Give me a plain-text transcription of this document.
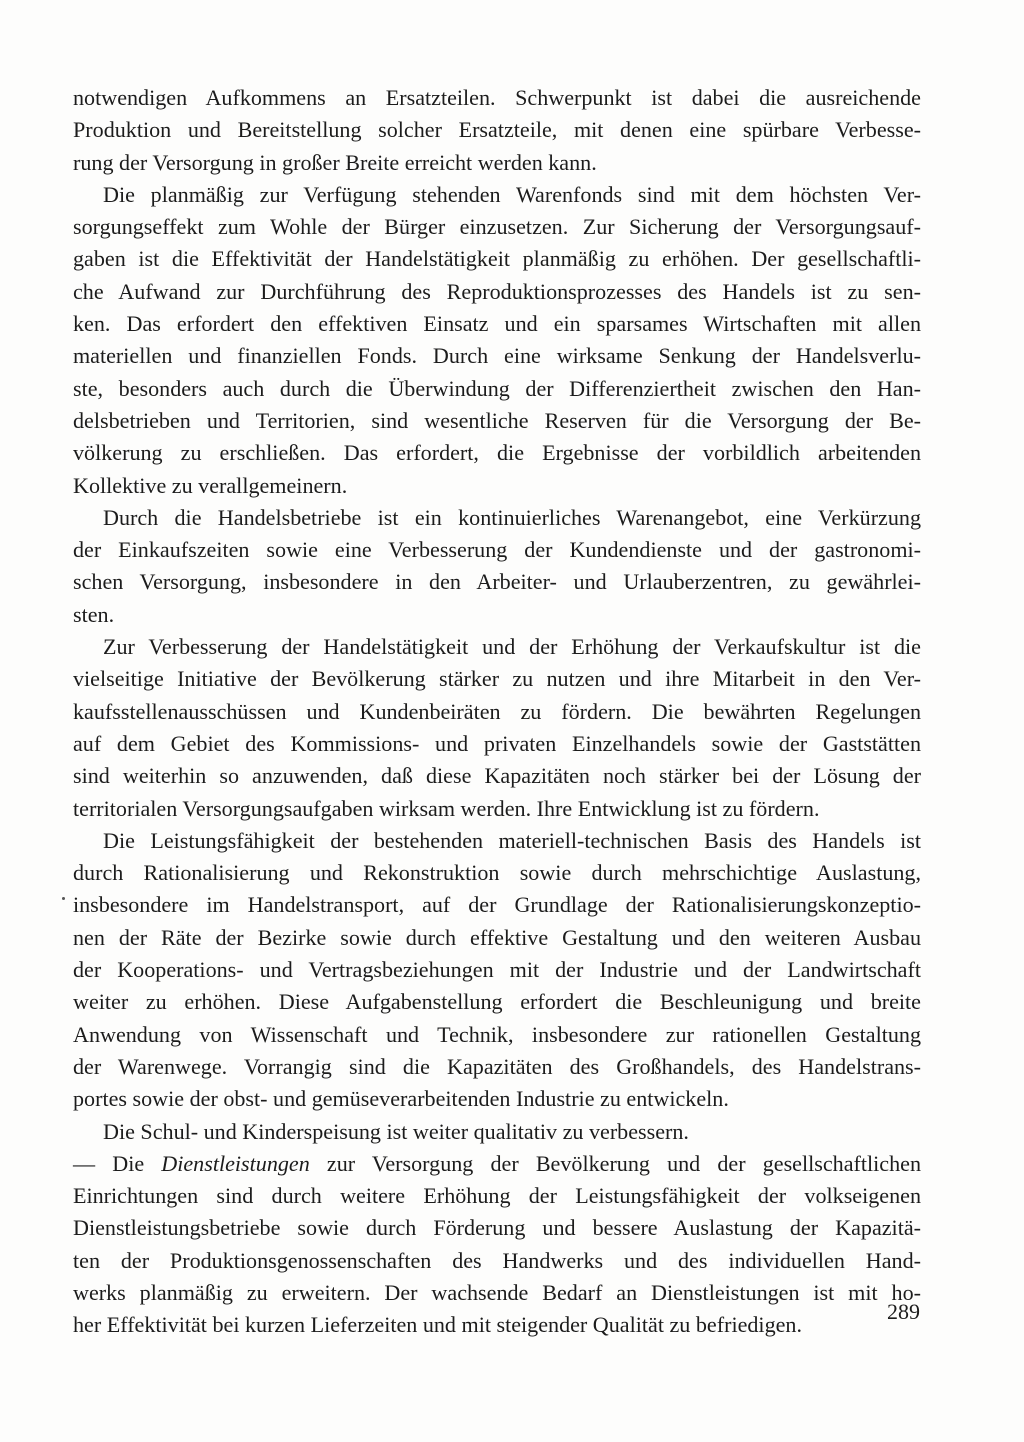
notwendigen Aufkommens an Ersatzteilen. Schwerpunkt ist dabei die ausreichende
Produktion und Bereitstellung solcher Ersatzteile, mit denen eine spürbare Verbesse-
rung der Versorgung in großer Breite erreicht werden kann.
Die planmäßig zur Verfügung stehenden Warenfonds sind mit dem höchsten Ver-
sorgungseffekt zum Wohle der Bürger einzusetzen. Zur Sicherung der Versorgungsauf-
gaben ist die Effektivität der Handelstätigkeit planmäßig zu erhöhen. Der gesellschaftli-
che Aufwand zur Durchführung des Reproduktionsprozesses des Handels ist zu sen-
ken. Das erfordert den effektiven Einsatz und ein sparsames Wirtschaften mit allen
materiellen und finanziellen Fonds. Durch eine wirksame Senkung der Handelsverlu-
ste, besonders auch durch die Überwindung der Differenziertheit zwischen den Han-
delsbetrieben und Territorien, sind wesentliche Reserven für die Versorgung der Be-
völkerung zu erschließen. Das erfordert, die Ergebnisse der vorbildlich arbeitenden
Kollektive zu verallgemeinern.
Durch die Handelsbetriebe ist ein kontinuierliches Warenangebot, eine Verkürzung
der Einkaufszeiten sowie eine Verbesserung der Kundendienste und der gastronomi-
schen Versorgung, insbesondere in den Arbeiter- und Urlauberzentren, zu gewährlei-
sten.
Zur Verbesserung der Handelstätigkeit und der Erhöhung der Verkaufskultur ist die
vielseitige Initiative der Bevölkerung stärker zu nutzen und ihre Mitarbeit in den Ver-
kaufsstellenausschüssen und Kundenbeiräten zu fördern. Die bewährten Regelungen
auf dem Gebiet des Kommissions- und privaten Einzelhandels sowie der Gaststätten
sind weiterhin so anzuwenden, daß diese Kapazitäten noch stärker bei der Lösung der
territorialen Versorgungsaufgaben wirksam werden. Ihre Entwicklung ist zu fördern.
Die Leistungsfähigkeit der bestehenden materiell-technischen Basis des Handels ist
durch Rationalisierung und Rekonstruktion sowie durch mehrschichtige Auslastung,
insbesondere im Handelstransport, auf der Grundlage der Rationalisierungskonzeptio-
nen der Räte der Bezirke sowie durch effektive Gestaltung und den weiteren Ausbau
der Kooperations- und Vertragsbeziehungen mit der Industrie und der Landwirtschaft
weiter zu erhöhen. Diese Aufgabenstellung erfordert die Beschleunigung und breite
Anwendung von Wissenschaft und Technik, insbesondere zur rationellen Gestaltung
der Warenwege. Vorrangig sind die Kapazitäten des Großhandels, des Handelstrans-
portes sowie der obst- und gemüseverarbeitenden Industrie zu entwickeln.
Die Schul- und Kinderspeisung ist weiter qualitativ zu verbessern.
— Die Dienstleistungen zur Versorgung der Bevölkerung und der gesellschaftlichen
Einrichtungen sind durch weitere Erhöhung der Leistungsfähigkeit der volkseigenen
Dienstleistungsbetriebe sowie durch Förderung und bessere Auslastung der Kapazitä-
ten der Produktionsgenossenschaften des Handwerks und des individuellen Hand-
werks planmäßig zu erweitern. Der wachsende Bedarf an Dienstleistungen ist mit ho-
her Effektivität bei kurzen Lieferzeiten und mit steigender Qualität zu befriedigen.
289
